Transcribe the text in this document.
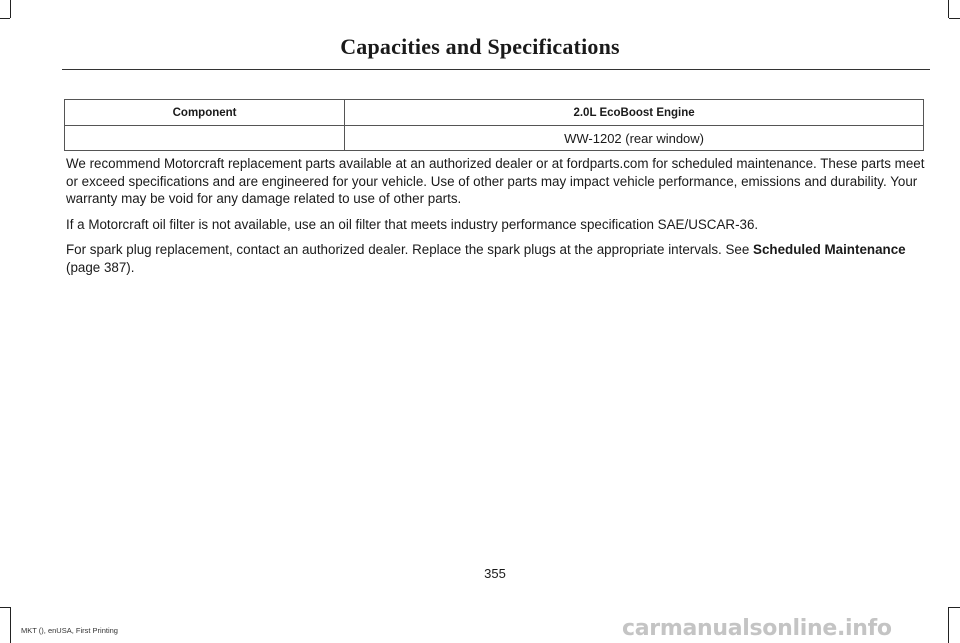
Capacities and Specifications
Component	2.0L EcoBoost Engine
	WW-1202 (rear window)

We recommend Motorcraft replacement parts available at an authorized dealer or at fordparts.com for scheduled maintenance. These parts meet or exceed specifications and are engineered for your vehicle. Use of other parts may impact vehicle performance, emissions and durability. Your warranty may be void for any damage related to use of other parts.

If a Motorcraft oil filter is not available, use an oil filter that meets industry performance specification SAE/USCAR-36.

For spark plug replacement, contact an authorized dealer. Replace the spark plugs at the appropriate intervals. See Scheduled Maintenance (page 387).

355
MKT (), enUSA, First Printing	carmanualsonline.info
